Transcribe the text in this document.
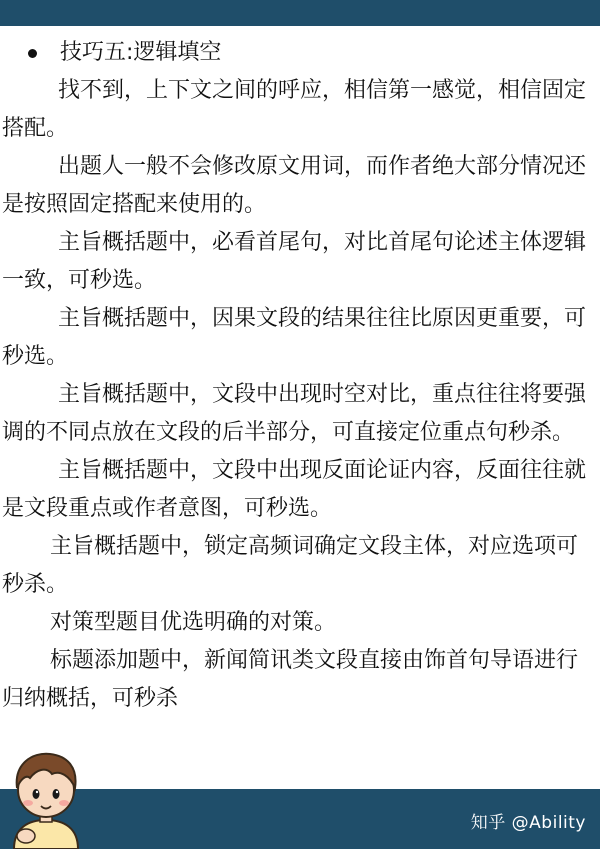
技巧五:逻辑填空

找不到，上下文之间的呼应，相信第一感觉，相信固定搭配。

出题人一般不会修改原文用词，而作者绝大部分情况还是按照固定搭配来使用的。

主旨概括题中，必看首尾句，对比首尾句论述主体逻辑一致，可秒选。

主旨概括题中，因果文段的结果往往比原因更重要，可秒选。

主旨概括题中，文段中出现时空对比，重点往往将要强调的不同点放在文段的后半部分，可直接定位重点句秒杀。

主旨概括题中，文段中出现反面论证内容，反面往往就是文段重点或作者意图，可秒选。

主旨概括题中，锁定高频词确定文段主体，对应选项可秒杀。

对策型题目优选明确的对策。

标题添加题中，新闻简讯类文段直接由饰首句导语进行归纳概括，可秒杀

知乎 @Ability
